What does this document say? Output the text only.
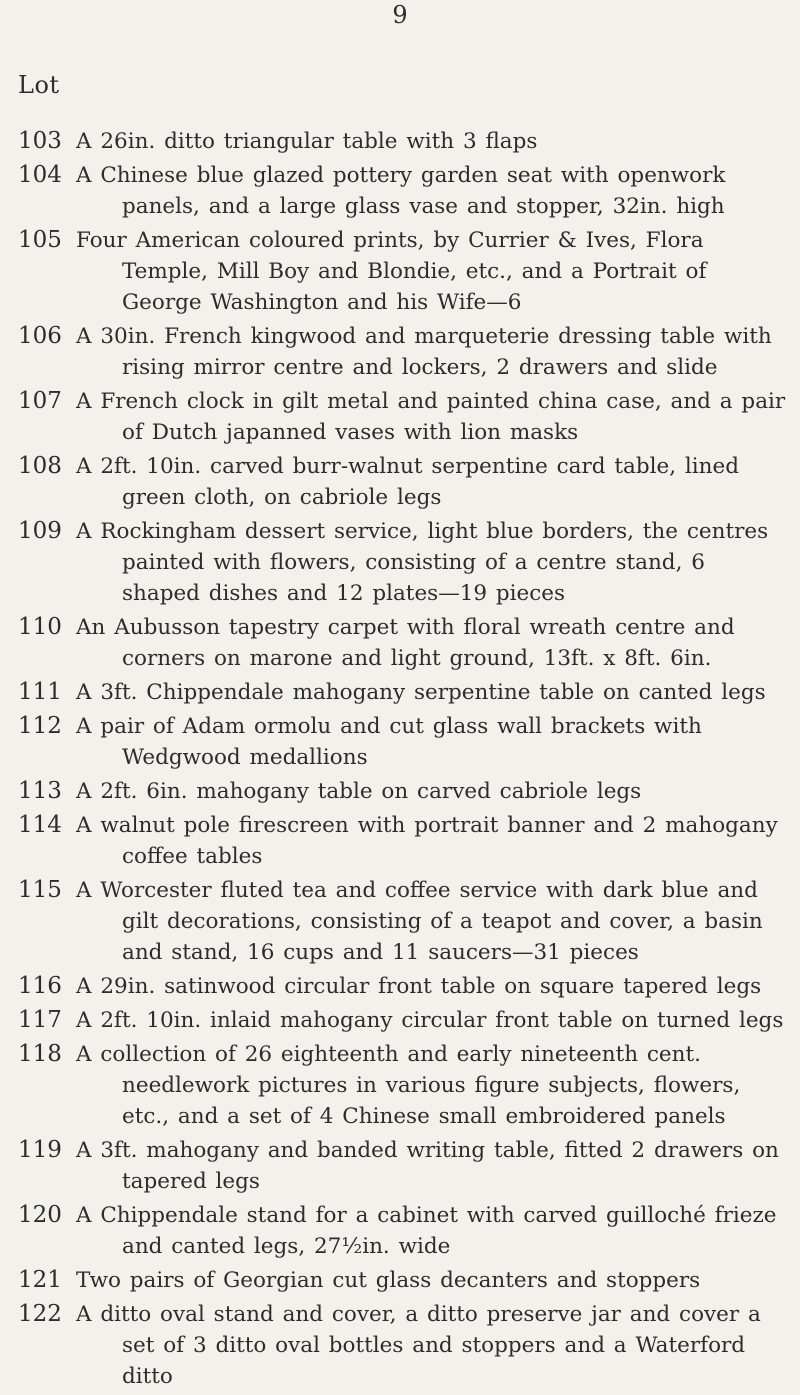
9
Lot
103 A 26in. ditto triangular table with 3 flaps
104 A Chinese blue glazed pottery garden seat with openwork panels, and a large glass vase and stopper, 32in. high
105 Four American coloured prints, by Currier & Ives, Flora Temple, Mill Boy and Blondie, etc., and a Portrait of George Washington and his Wife—6
106 A 30in. French kingwood and marqueterie dressing table with rising mirror centre and lockers, 2 drawers and slide
107 A French clock in gilt metal and painted china case, and a pair of Dutch japanned vases with lion masks
108 A 2ft. 10in. carved burr-walnut serpentine card table, lined green cloth, on cabriole legs
109 A Rockingham dessert service, light blue borders, the centres painted with flowers, consisting of a centre stand, 6 shaped dishes and 12 plates—19 pieces
110 An Aubusson tapestry carpet with floral wreath centre and corners on marone and light ground, 13ft. x 8ft. 6in.
111 A 3ft. Chippendale mahogany serpentine table on canted legs
112 A pair of Adam ormolu and cut glass wall brackets with Wedgwood medallions
113 A 2ft. 6in. mahogany table on carved cabriole legs
114 A walnut pole firescreen with portrait banner and 2 mahogany coffee tables
115 A Worcester fluted tea and coffee service with dark blue and gilt decorations, consisting of a teapot and cover, a basin and stand, 16 cups and 11 saucers—31 pieces
116 A 29in. satinwood circular front table on square tapered legs
117 A 2ft. 10in. inlaid mahogany circular front table on turned legs
118 A collection of 26 eighteenth and early nineteenth cent. needlework pictures in various figure subjects, flowers, etc., and a set of 4 Chinese small embroidered panels
119 A 3ft. mahogany and banded writing table, fitted 2 drawers on tapered legs
120 A Chippendale stand for a cabinet with carved guilloché frieze and canted legs, 27½in. wide
121 Two pairs of Georgian cut glass decanters and stoppers
122 A ditto oval stand and cover, a ditto preserve jar and cover a set of 3 ditto oval bottles and stoppers and a Waterford ditto
